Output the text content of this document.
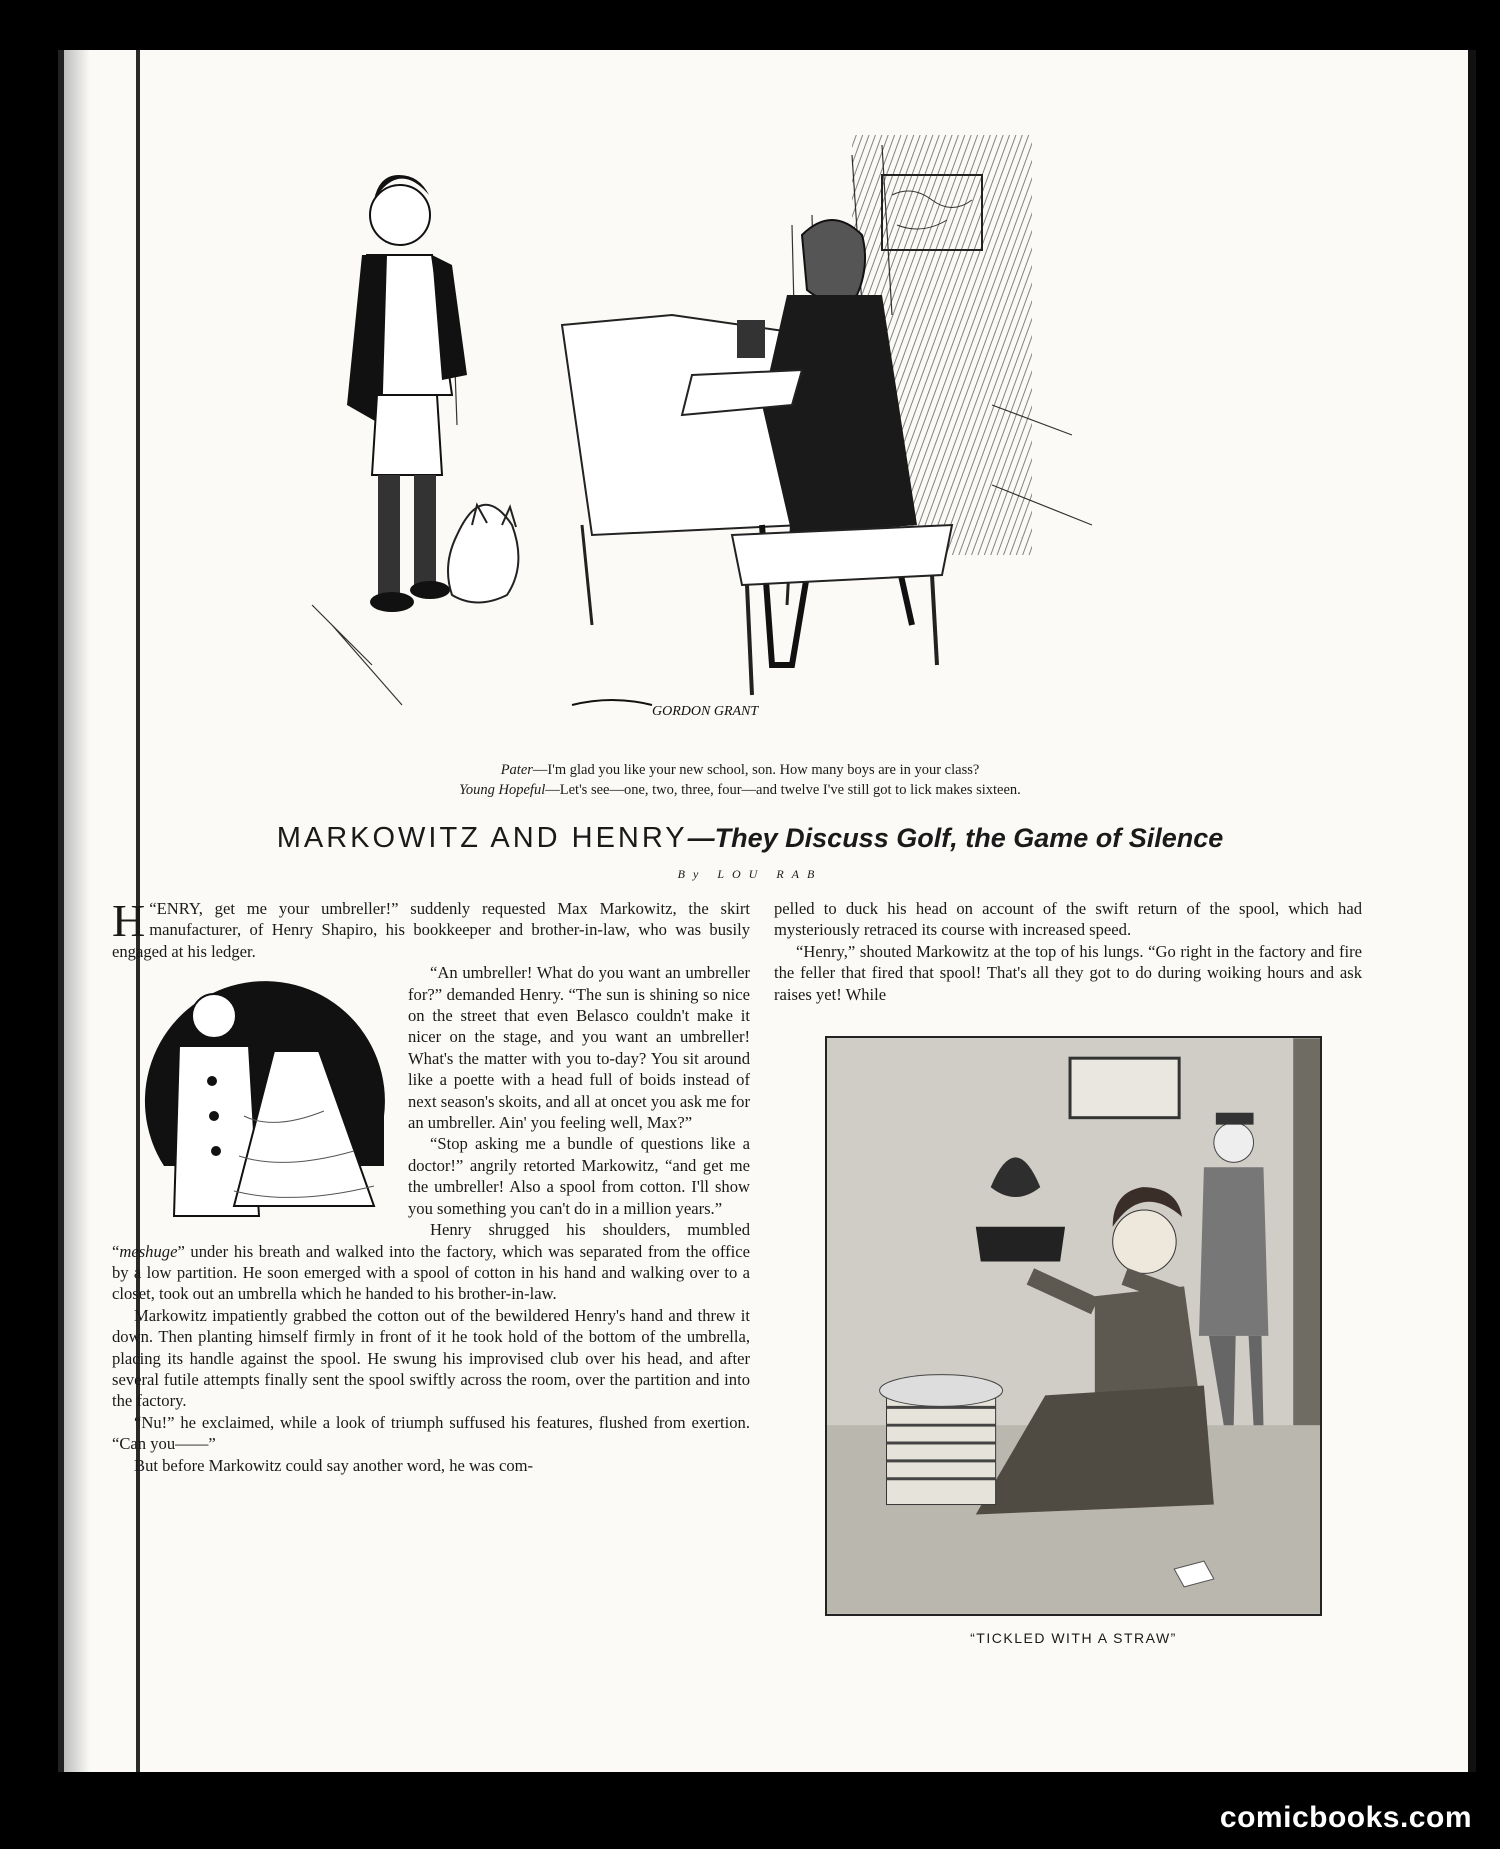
GORDON GRANT
Pater—I'm glad you like your new school, son. How many boys are in your class?
Young Hopeful—Let's see—one, two, three, four—and twelve I've still got to lick makes sixteen.
MARKOWITZ AND HENRY—They Discuss Golf, the Game of Silence
By LOU RAB

“
H ENRY, get me your umbreller!” suddenly requested Max Markowitz, the skirt manufacturer, of Henry Shapiro, his bookkeeper and brother-in-law, who was busily engaged at his ledger.

“An umbreller! What do you want an umbreller for?” demanded Henry. “The sun is shining so nice on the street that even Belasco couldn't make it nicer on the stage, and you want an umbreller! What's the matter with you to-day? You sit around like a poette with a head full of boids instead of next season's skoits, and all at oncet you ask me for an umbreller. Ain' you feeling well, Max?”

“Stop asking me a bundle of questions like a doctor!” angrily retorted Markowitz, “and get me the umbreller! Also a spool from cotton. I'll show you something you can't do in a million years.”

Henry shrugged his shoulders, mumbled “meshuge” under his breath and walked into the factory, which was separated from the office by a low partition. He soon emerged with a spool of cotton in his hand and walking over to a closet, took out an umbrella which he handed to his brother-in-law.

Markowitz impatiently grabbed the cotton out of the bewildered Henry's hand and threw it down. Then planting himself firmly in front of it he took hold of the bottom of the umbrella, placing its handle against the spool. He swung his improvised club over his head, and after several futile attempts finally sent the spool swiftly across the room, over the partition and into the factory.

“Nu!” he exclaimed, while a look of triumph suffused his features, flushed from exertion. “Can you——”

But before Markowitz could say another word, he was com-

pelled to duck his head on account of the swift return of the spool, which had mysteriously retraced its course with increased speed.

“Henry,” shouted Markowitz at the top of his lungs. “Go right in the factory and fire the feller that fired that spool! That's all they got to do during woiking hours and ask raises yet! While

“TICKLED WITH A STRAW”
comicbooks.com
